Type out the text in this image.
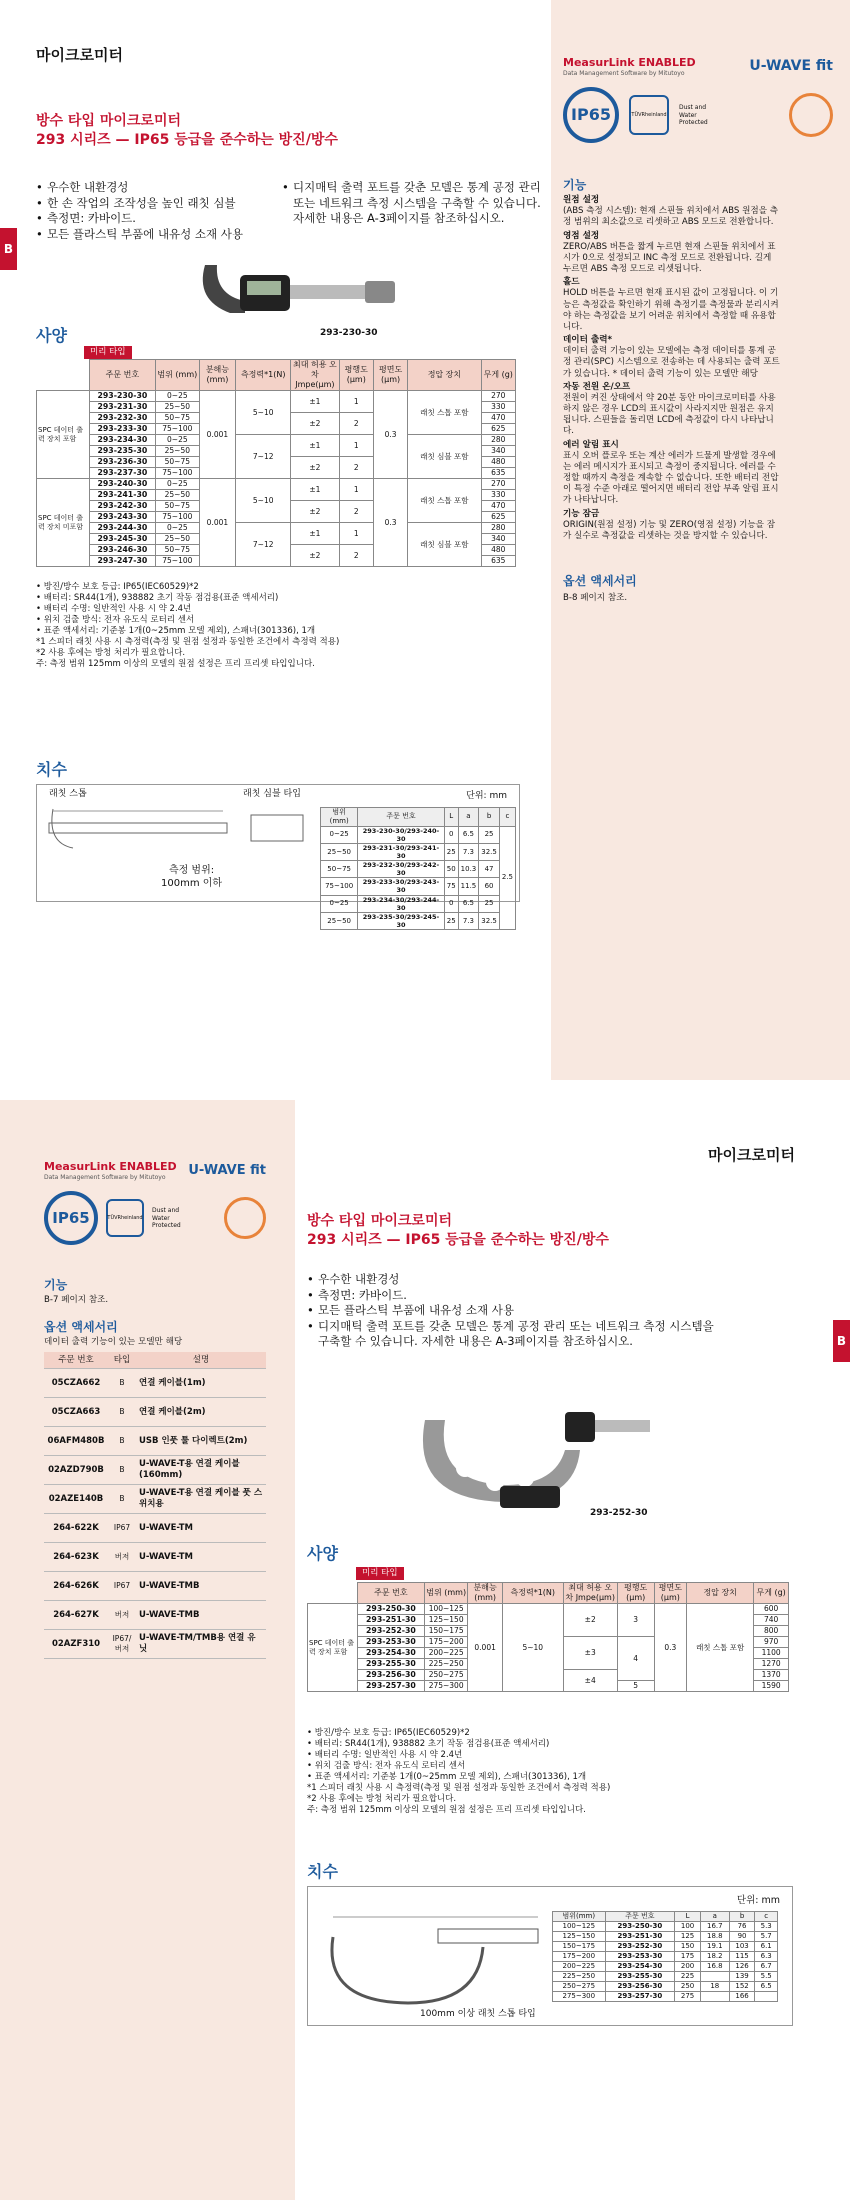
마이크로미터
B
MeasurLink ENABLED
Data Management Software by Mitutoyo	U-WAVE fit
IP65	TÜVRheinland
Dust and Water Protected
방수 타입 마이크로미터
293 시리즈 — IP65 등급을 준수하는 방진/방수
• 우수한 내환경성
• 한 손 작업의 조작성을 높인 래칫 심블
• 측정면: 카바이드.
• 모든 플라스틱 부품에 내유성 소재 사용
• 디지매틱 출력 포트를 갖춘 모델은 통계 공정 관리 또는 네트워크 측정 시스템을 구축할 수 있습니다. 자세한 내용은 A-3페이지를 참조하십시오.
293-230-30
사양
미리 타입
	주문 번호	범위 (mm)	분해능 (mm)	측정력*1(N)	최대 허용 오차 Jmpe(μm)	평행도 (μm)	평면도 (μm)	정압 장치	무게 (g)
SPC 데이터 출력 장치 포함	293-230-30	0~25	0.001	5~10	±1	1	0.3	래칫 스톱 포함	270
	293-231-30	25~50							330
	293-232-30	50~75			±2	2			470
	293-233-30	75~100							625
	293-234-30	0~25		7~12	±1	1		래칫 심블 포함	280
	293-235-30	25~50							340
	293-236-30	50~75			±2	2			480
	293-237-30	75~100							635
SPC 데이터 출력 장치 미포함	293-240-30	0~25	0.001	5~10	±1	1	0.3	래칫 스톱 포함	270
	293-241-30	25~50							330
	293-242-30	50~75			±2	2			470
	293-243-30	75~100							625
	293-244-30	0~25		7~12	±1	1		래칫 심블 포함	280
	293-245-30	25~50							340
	293-246-30	50~75			±2	2			480
	293-247-30	75~100							635
• 방진/방수 보호 등급: IP65(IEC60529)*2
• 배터리: SR44(1개), 938882 초기 작동 점검용(표준 액세서리)
• 배터리 수명: 일반적인 사용 시 약 2.4년
• 위치 검출 방식: 전자 유도식 로터리 센서
• 표준 액세서리: 기준봉 1개(0~25mm 모델 제외), 스패너(301336), 1개
*1 스피더 래칫 사용 시 측정력(측정 및 원점 설정과 동일한 조건에서 측정력 적용)
*2 사용 후에는 방청 처리가 필요합니다.
주: 측정 범위 125mm 이상의 모델의 원점 설정은 프리 프리셋 타입입니다.
기능
원점 설정
(ABS 측정 시스템): 현재 스핀들 위치에서 ABS 원점을 측정 범위의 최소값으로 리셋하고 ABS 모드로 전환합니다.
영점 설정
ZERO/ABS 버튼을 짧게 누르면 현재 스핀들 위치에서 표시가 0으로 설정되고 INC 측정 모드로 전환됩니다. 길게 누르면 ABS 측정 모드로 리셋됩니다.
홀드
HOLD 버튼을 누르면 현재 표시된 값이 고정됩니다. 이 기능은 측정값을 확인하기 위해 측정기를 측정물과 분리시켜야 하는 측정값을 보기 어려운 위치에서 측정할 때 유용합니다.
데이터 출력*
데이터 출력 기능이 있는 모델에는 측정 데이터를 통계 공정 관리(SPC) 시스템으로 전송하는 데 사용되는 출력 포트가 있습니다. * 데이터 출력 기능이 있는 모델만 해당
자동 전원 온/오프
전원이 켜진 상태에서 약 20분 동안 마이크로미터를 사용하지 않은 경우 LCD의 표시값이 사라지지만 원점은 유지됩니다. 스핀들을 돌리면 LCD에 측정값이 다시 나타납니다.
에러 알림 표시
표시 오버 플로우 또는 계산 에러가 드물게 발생할 경우에는 에러 메시지가 표시되고 측정이 중지됩니다. 에러를 수정할 때까지 측정을 계속할 수 없습니다. 또한 배터리 전압이 특정 수준 아래로 떨어지면 배터리 전압 부족 알림 표시가 나타납니다.
기능 잠금
ORIGIN(원점 설정) 기능 및 ZERO(영점 설정) 기능을 잠가 실수로 측정값을 리셋하는 것을 방지할 수 있습니다.
옵션 액세서리
B-8 페이지 참조.
치수
래칫 스톱	래칫 심블 타입	단위: mm
측정 범위:
100mm 이하
범위(mm)	주문 번호	L	a	b	c
0~25	293-230-30/293-240-30	0	6.5	25	2.5
25~50	293-231-30/293-241-30	25	7.3	32.5	
50~75	293-232-30/293-242-30	50	10.3	47	
75~100	293-233-30/293-243-30	75	11.5	60	
0~25	293-234-30/293-244-30	0	6.5	25	
25~50	293-235-30/293-245-30	25	7.3	32.5	
마이크로미터
B
MeasurLink ENABLED
Data Management Software by Mitutoyo	U-WAVE fit
IP65	TÜVRheinland
Dust and Water Protected
기능
B-7 페이지 참조.
옵션 액세서리
데이터 출력 기능이 있는 모델만 해당
주문 번호	타입	설명
05CZA662	B	연결 케이블(1m)
05CZA663	B	연결 케이블(2m)
06AFM480B	B	USB 인풋 툴 다이렉트(2m)
02AZD790B	B	U-WAVE-T용 연결 케이블(160mm)
02AZE140B	B	U-WAVE-T용 연결 케이블 풋 스위치용
264-622K	IP67	U-WAVE-TM
264-623K	버저	U-WAVE-TM
264-626K	IP67	U-WAVE-TMB
264-627K	버저	U-WAVE-TMB
02AZF310	IP67/버저	U-WAVE-TM/TMB용 연결 유닛
방수 타입 마이크로미터
293 시리즈 — IP65 등급을 준수하는 방진/방수
• 우수한 내환경성
• 측정면: 카바이드.
• 모든 플라스틱 부품에 내유성 소재 사용
• 디지매틱 출력 포트를 갖춘 모델은 통계 공정 관리 또는 네트워크 측정 시스템을 구축할 수 있습니다. 자세한 내용은 A-3페이지를 참조하십시오.
293-252-30
사양
미리 타입
	주문 번호	범위 (mm)	분해능 (mm)	측정력*1(N)	최대 허용 오차 Jmpe(μm)	평행도 (μm)	평면도 (μm)	정압 장치	무게 (g)
SPC 데이터 출력 장치 포함	293-250-30	100~125	0.001	5~10	±2	3	0.3	래칫 스톱 포함	600
	293-251-30	125~150							740
	293-252-30	150~175							800
	293-253-30	175~200			±3	4			970
	293-254-30	200~225							1100
	293-255-30	225~250							1270
	293-256-30	250~275			±4				1370
	293-257-30	275~300				5			1590
• 방진/방수 보호 등급: IP65(IEC60529)*2
• 배터리: SR44(1개), 938882 초기 작동 점검용(표준 액세서리)
• 배터리 수명: 일반적인 사용 시 약 2.4년
• 위치 검출 방식: 전자 유도식 로터리 센서
• 표준 액세서리: 기준봉 1개(0~25mm 모델 제외), 스패너(301336), 1개
*1 스피더 래칫 사용 시 측정력(측정 및 원점 설정과 동일한 조건에서 측정력 적용)
*2 사용 후에는 방청 처리가 필요합니다.
주: 측정 범위 125mm 이상의 모델의 원점 설정은 프리 프리셋 타입입니다.
치수
단위: mm
100mm 이상 래칫 스톱 타입
범위(mm)	주문 번호	L	a	b	c
100~125	293-250-30	100	16.7	76	5.3
125~150	293-251-30	125	18.8	90	5.7
150~175	293-252-30	150	19.1	103	6.1
175~200	293-253-30	175	18.2	115	6.3
200~225	293-254-30	200	16.8	126	6.7
225~250	293-255-30	225		139	5.5
250~275	293-256-30	250	18	152	6.5
275~300	293-257-30	275		166	
